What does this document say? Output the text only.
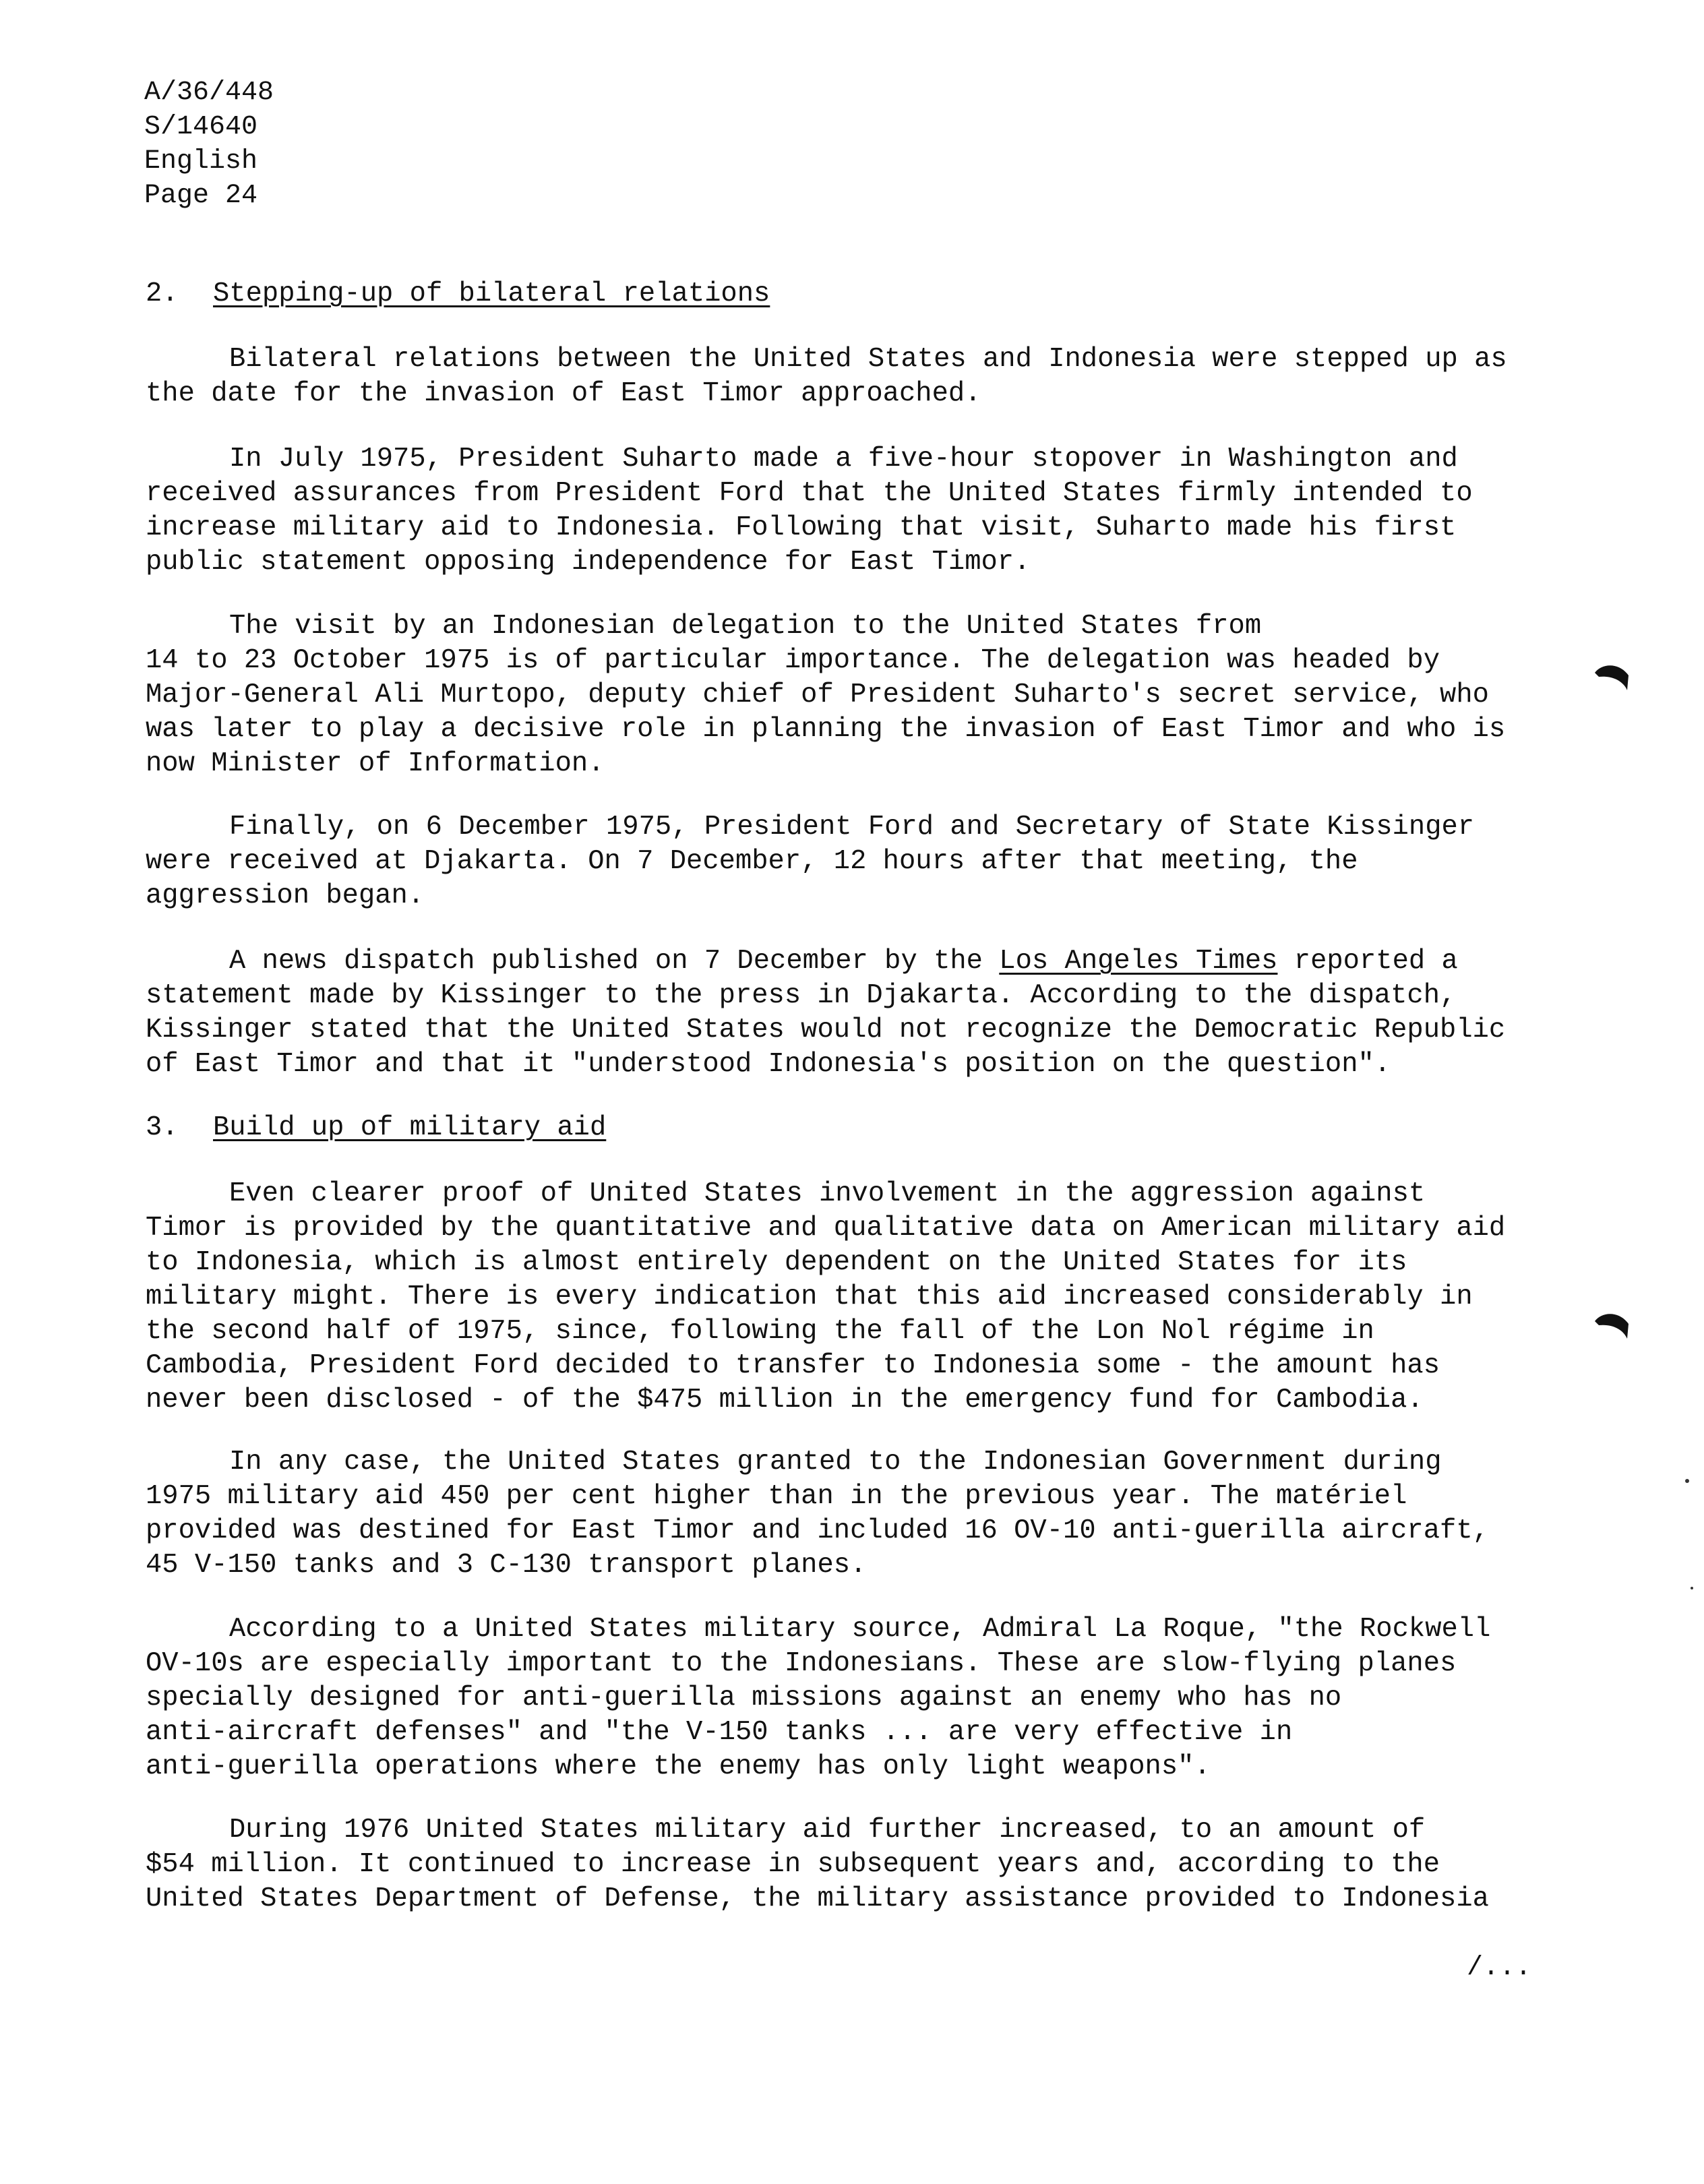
A/36/448
S/14640
English
Page 24
2. Stepping-up of bilateral relations
Bilateral relations between the United States and Indonesia were stepped up as
the date for the invasion of East Timor approached.
In July 1975, President Suharto made a five-hour stopover in Washington and
received assurances from President Ford that the United States firmly intended to
increase military aid to Indonesia. Following that visit, Suharto made his first
public statement opposing independence for East Timor.
The visit by an Indonesian delegation to the United States from
14 to 23 October 1975 is of particular importance. The delegation was headed by
Major-General Ali Murtopo, deputy chief of President Suharto's secret service, who
was later to play a decisive role in planning the invasion of East Timor and who is
now Minister of Information.
Finally, on 6 December 1975, President Ford and Secretary of State Kissinger
were received at Djakarta. On 7 December, 12 hours after that meeting, the
aggression began.
A news dispatch published on 7 December by the Los Angeles Times reported a
statement made by Kissinger to the press in Djakarta. According to the dispatch,
Kissinger stated that the United States would not recognize the Democratic Republic
of East Timor and that it "understood Indonesia's position on the question".
3. Build up of military aid
Even clearer proof of United States involvement in the aggression against
Timor is provided by the quantitative and qualitative data on American military aid
to Indonesia, which is almost entirely dependent on the United States for its
military might. There is every indication that this aid increased considerably in
the second half of 1975, since, following the fall of the Lon Nol régime in
Cambodia, President Ford decided to transfer to Indonesia some - the amount has
never been disclosed - of the $475 million in the emergency fund for Cambodia.
In any case, the United States granted to the Indonesian Government during
1975 military aid 450 per cent higher than in the previous year. The matériel
provided was destined for East Timor and included 16 OV-10 anti-guerilla aircraft,
45 V-150 tanks and 3 C-130 transport planes.
According to a United States military source, Admiral La Roque, "the Rockwell
OV-10s are especially important to the Indonesians. These are slow-flying planes
specially designed for anti-guerilla missions against an enemy who has no
anti-aircraft defenses" and "the V-150 tanks ... are very effective in
anti-guerilla operations where the enemy has only light weapons".
During 1976 United States military aid further increased, to an amount of
$54 million. It continued to increase in subsequent years and, according to the
United States Department of Defense, the military assistance provided to Indonesia
/...
